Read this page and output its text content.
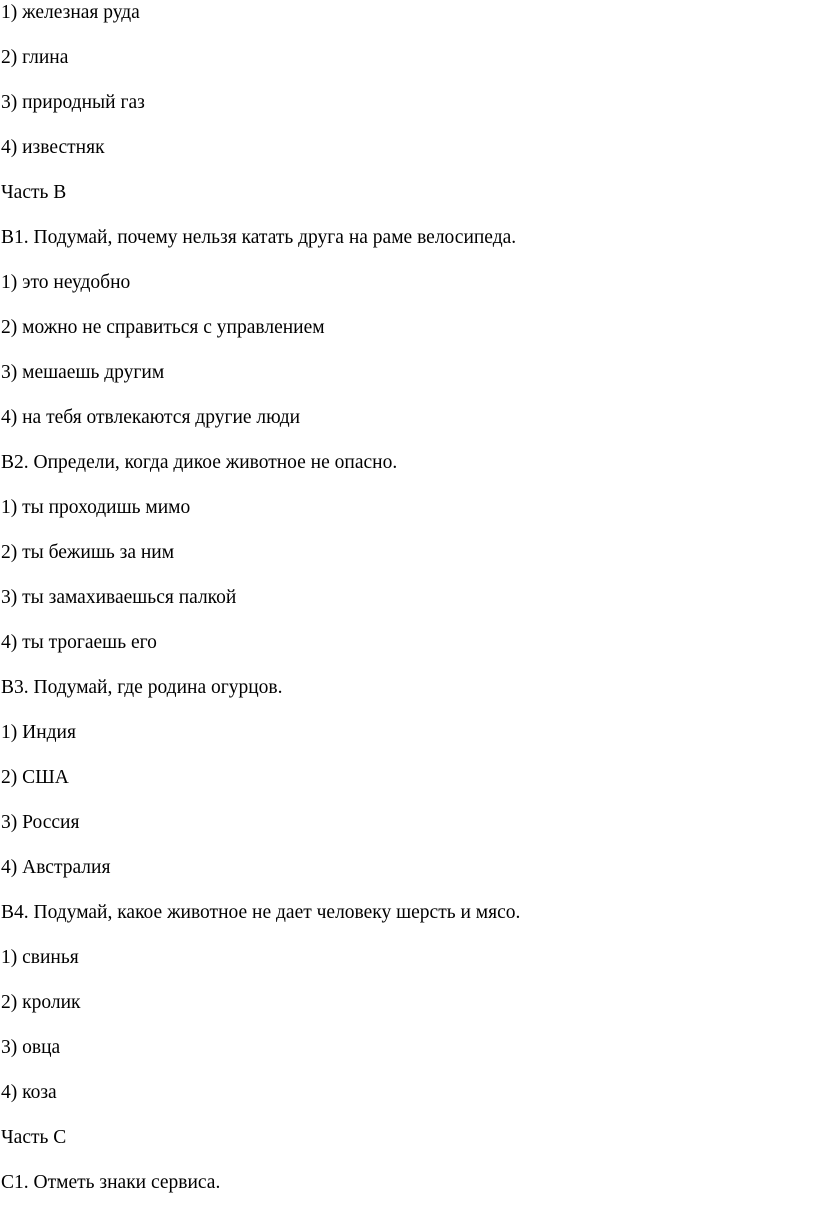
1) железная руда

2) глина

3) природный газ

4) известняк

Часть В

В1. Подумай, почему нельзя катать друга на раме велосипеда.

1) это неудобно

2) можно не справиться с управлением

3) мешаешь другим

4) на тебя отвлекаются другие люди

В2. Определи, когда дикое животное не опасно.

1) ты проходишь мимо

2) ты бежишь за ним

3) ты замахиваешься палкой

4) ты трогаешь его

В3. Подумай, где родина огурцов.

1) Индия

2) США

3) Россия

4) Австралия

В4. Подумай, какое животное не дает человеку шерсть и мясо.

1) свинья

2) кролик

3) овца

4) коза

Часть С

С1. Отметь знаки сервиса.
